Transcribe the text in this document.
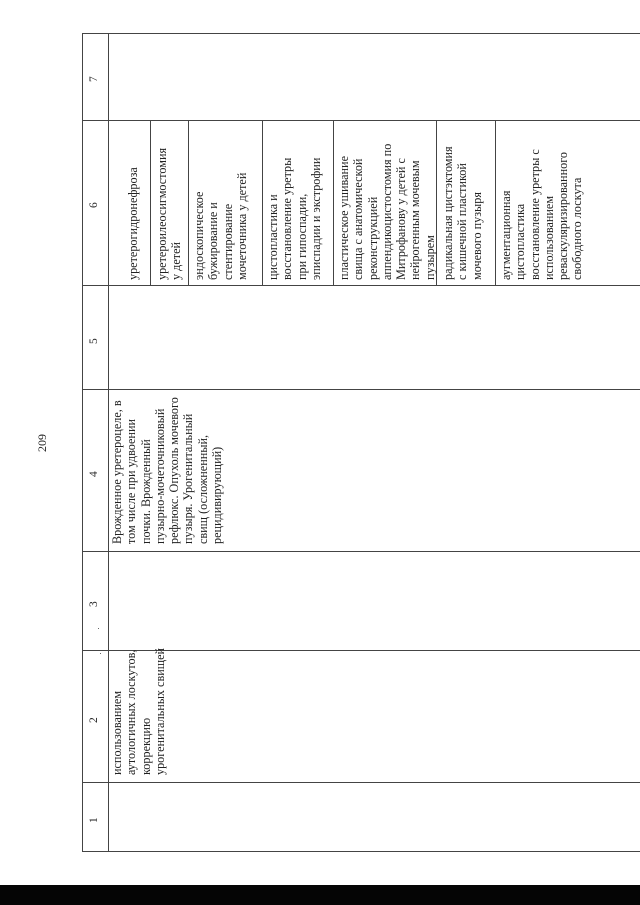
209
1
2
3
4
5
6
7
использованием аутологичных лоскутов, коррекцию урогенитальных свищей
Врожденное уретероцеле, в том числе при удвоении почки. Врожденный пузырно-мочеточниковый рефлюкс. Опухоль мочевого пузыря. Урогенитальный свищ (осложненный, рецидивирующий)
уретерогидронефроза уретероилеосигмостомия у детей эндоскопическое бужирование и стентирование мочеточника у детей цистопластика и восстановление уретры при гипоспадии, эписпадии и экстрофии пластическое ушивание свища с анатомической реконструкцией аппендикоцистостомия по Митрофанову у детей с нейрогенным мочевым пузырем радикальная цистэктомия с кишечной пластикой мочевого пузыря аугментационная цистопластика восстановление уретры с использованием реваскуляризированного свободного лоскута
